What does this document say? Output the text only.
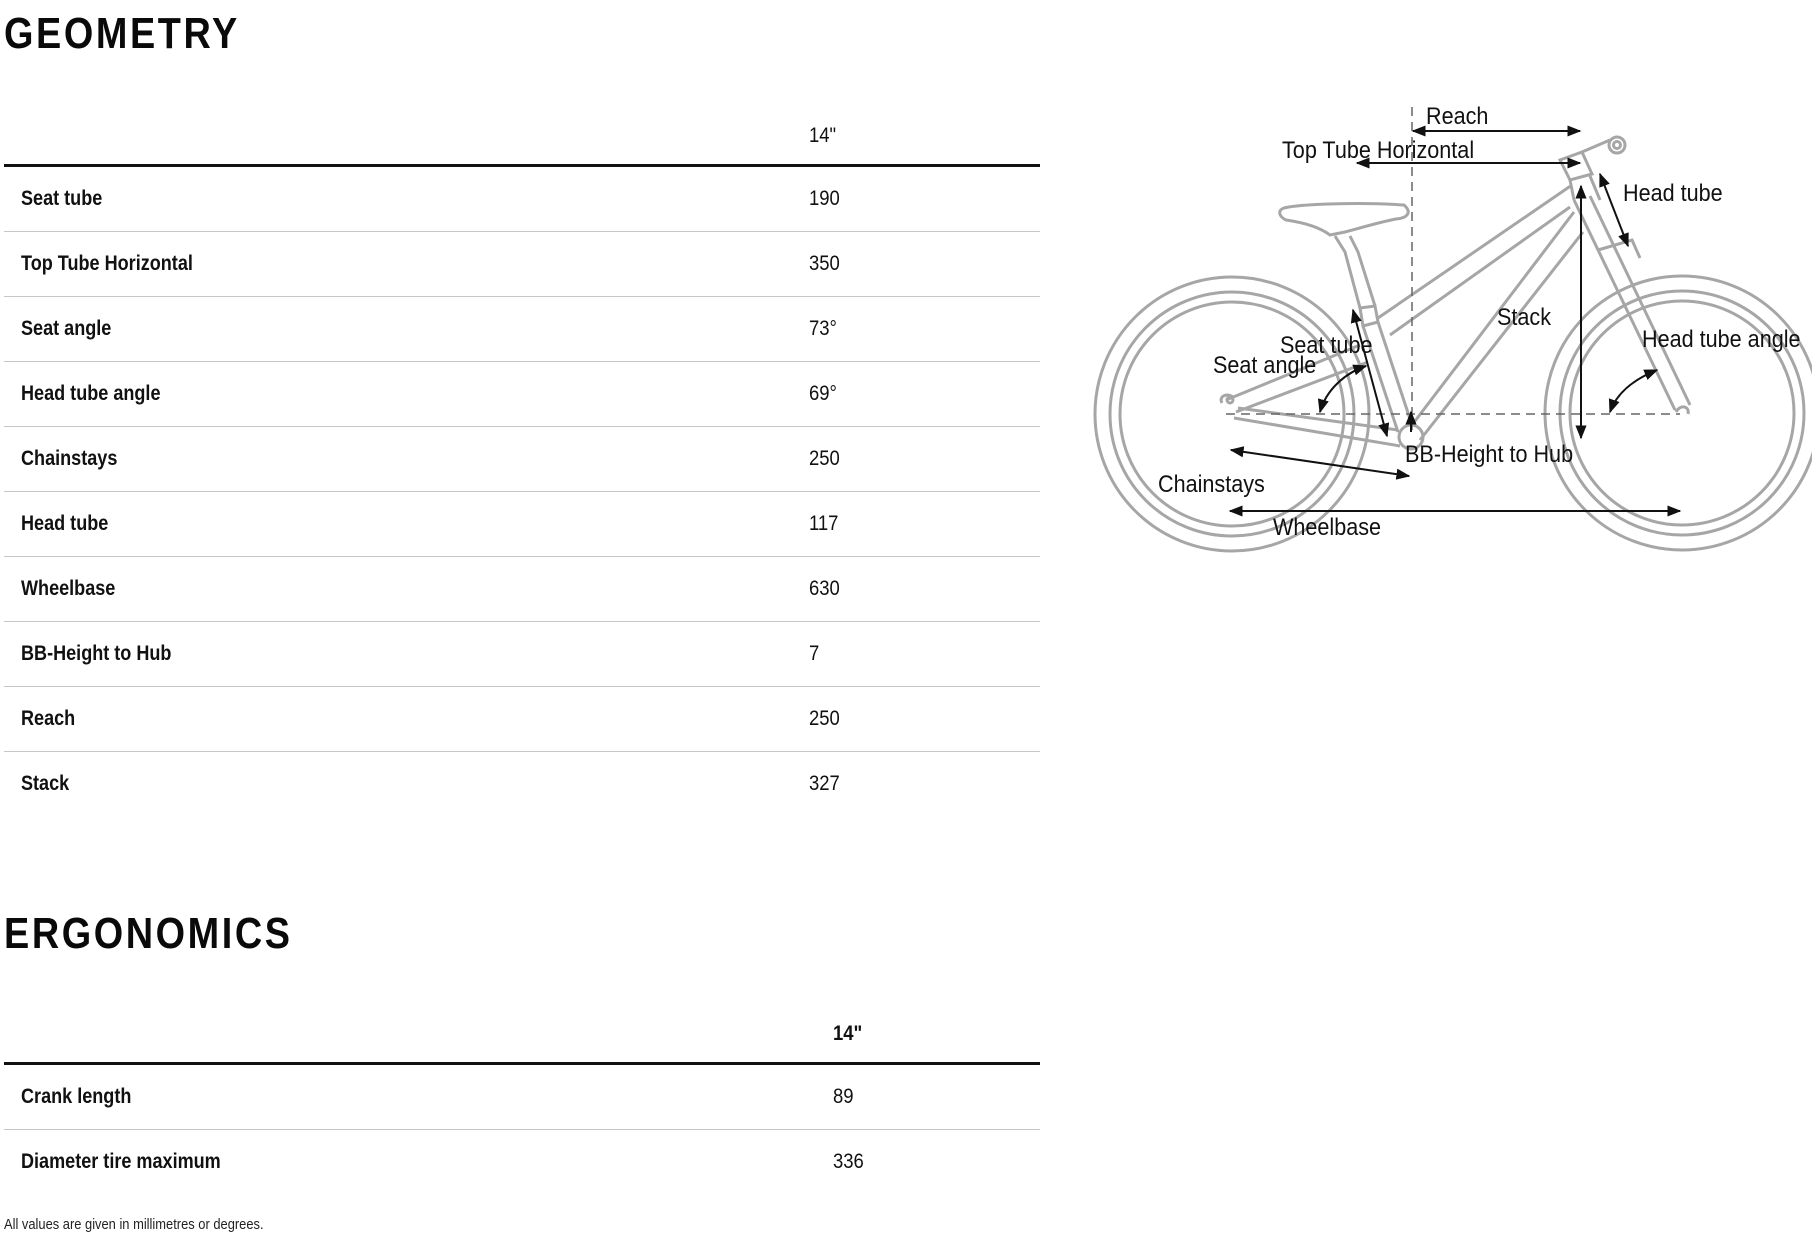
GEOMETRY
14"
Seat tube	190
Top Tube Horizontal	350
Seat angle	73°
Head tube angle	69°
Chainstays	250
Head tube	117
Wheelbase	630
BB-Height to Hub	7
Reach	250
Stack	327
Reach
Top Tube Horizontal
Head tube
Stack
Seat tube
Seat angle
Head tube angle
BB-Height to Hub
Chainstays
Wheelbase
ERGONOMICS
14"
Crank length	89
Diameter tire maximum	336
All values are given in millimetres or degrees.
